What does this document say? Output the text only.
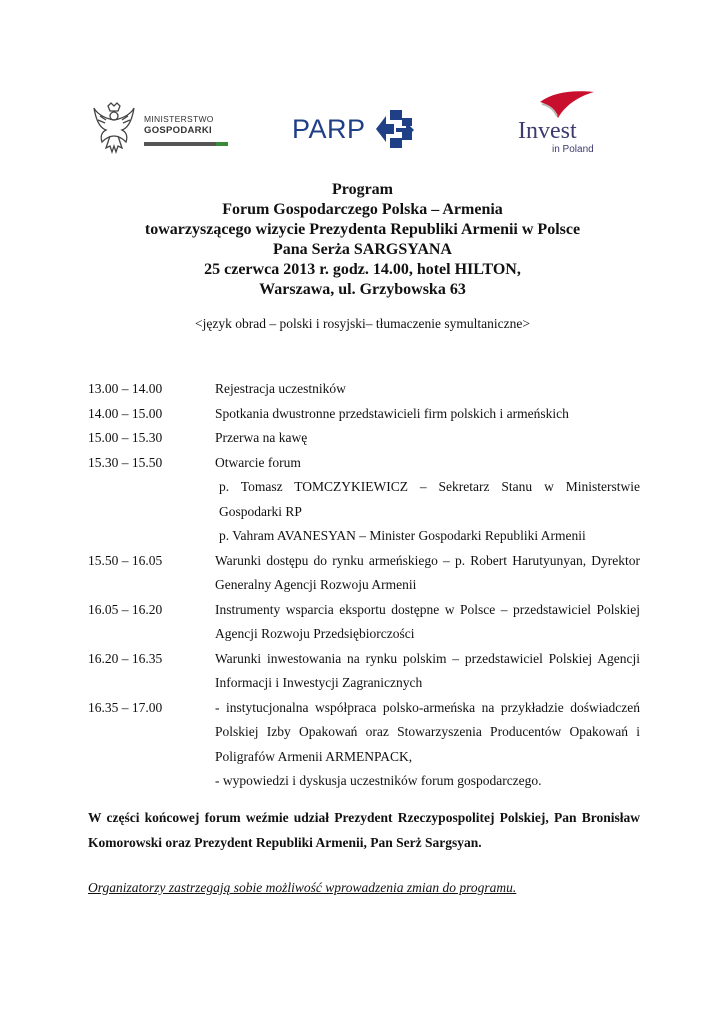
MINISTERSTWO
GOSPODARKI	PARP	Invest
in Poland
Program
Forum Gospodarczego Polska – Armenia
towarzyszącego wizycie Prezydenta Republiki Armenii w Polsce
Pana Serża SARGSYANA
25 czerwca 2013 r. godz. 14.00, hotel HILTON,
Warszawa, ul. Grzybowska 63
<język obrad – polski i rosyjski– tłumaczenie symultaniczne>
13.00 – 14.00	Rejestracja uczestników
14.00 – 15.00	Spotkania dwustronne przedstawicieli firm polskich i armeńskich
15.00 – 15.30	Przerwa na kawę
15.30 – 15.50	Otwarcie forum
p. Tomasz TOMCZYKIEWICZ – Sekretarz Stanu w Ministerstwie Gospodarki RP
p. Vahram AVANESYAN – Minister Gospodarki Republiki Armenii
15.50 – 16.05	Warunki dostępu do rynku armeńskiego – p. Robert Harutyunyan, Dyrektor Generalny Agencji Rozwoju Armenii
16.05 – 16.20	Instrumenty wsparcia eksportu dostępne w Polsce – przedstawiciel Polskiej Agencji Rozwoju Przedsiębiorczości
16.20 – 16.35	Warunki inwestowania na rynku polskim – przedstawiciel Polskiej Agencji Informacji i Inwestycji Zagranicznych
16.35 – 17.00	- instytucjonalna współpraca polsko-armeńska na przykładzie doświadczeń Polskiej Izby Opakowań oraz Stowarzyszenia Producentów Opakowań i Poligrafów Armenii ARMENPACK,
- wypowiedzi i dyskusja uczestników forum gospodarczego.
W części końcowej forum weźmie udział Prezydent Rzeczypospolitej Polskiej, Pan Bronisław Komorowski oraz Prezydent Republiki Armenii, Pan Serż Sargsyan.
Organizatorzy zastrzegają sobie możliwość wprowadzenia zmian do programu.
